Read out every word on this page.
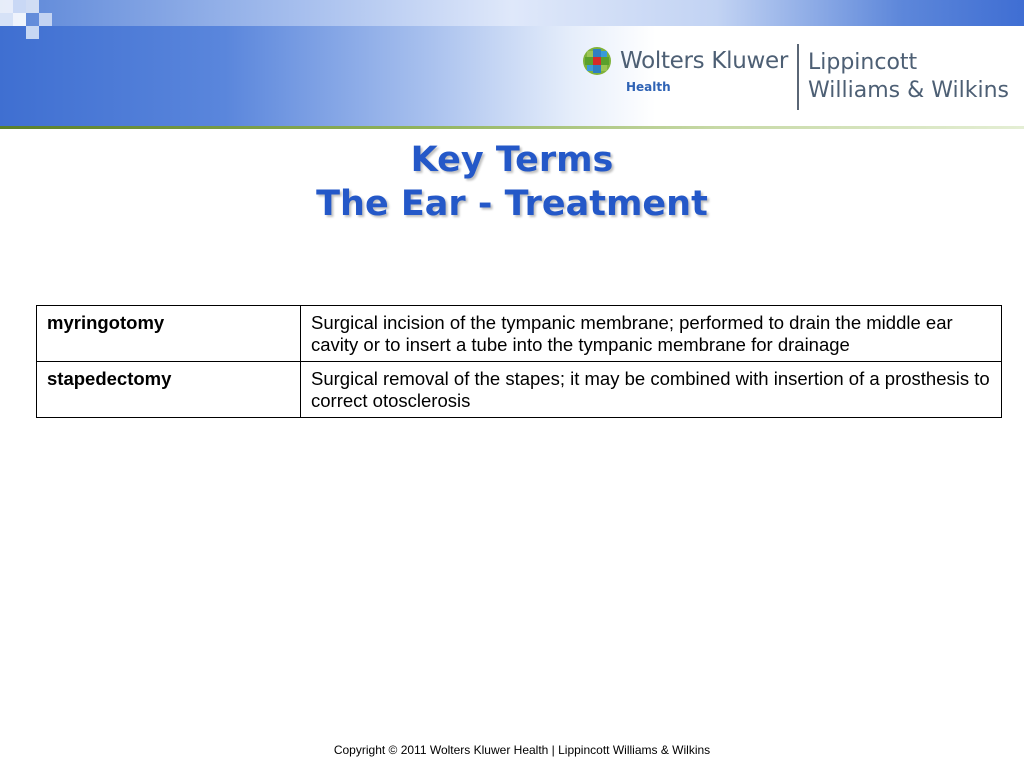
Wolters Kluwer
Health
Lippincott
Williams & Wilkins
Key Terms
The Ear - Treatment
myringotomy	Surgical incision of the tympanic membrane; performed to drain the middle ear cavity or to insert a tube into the tympanic membrane for drainage
stapedectomy	Surgical removal of the stapes; it may be combined with insertion of a prosthesis to correct otosclerosis
Copyright © 2011 Wolters Kluwer Health | Lippincott Williams & Wilkins
